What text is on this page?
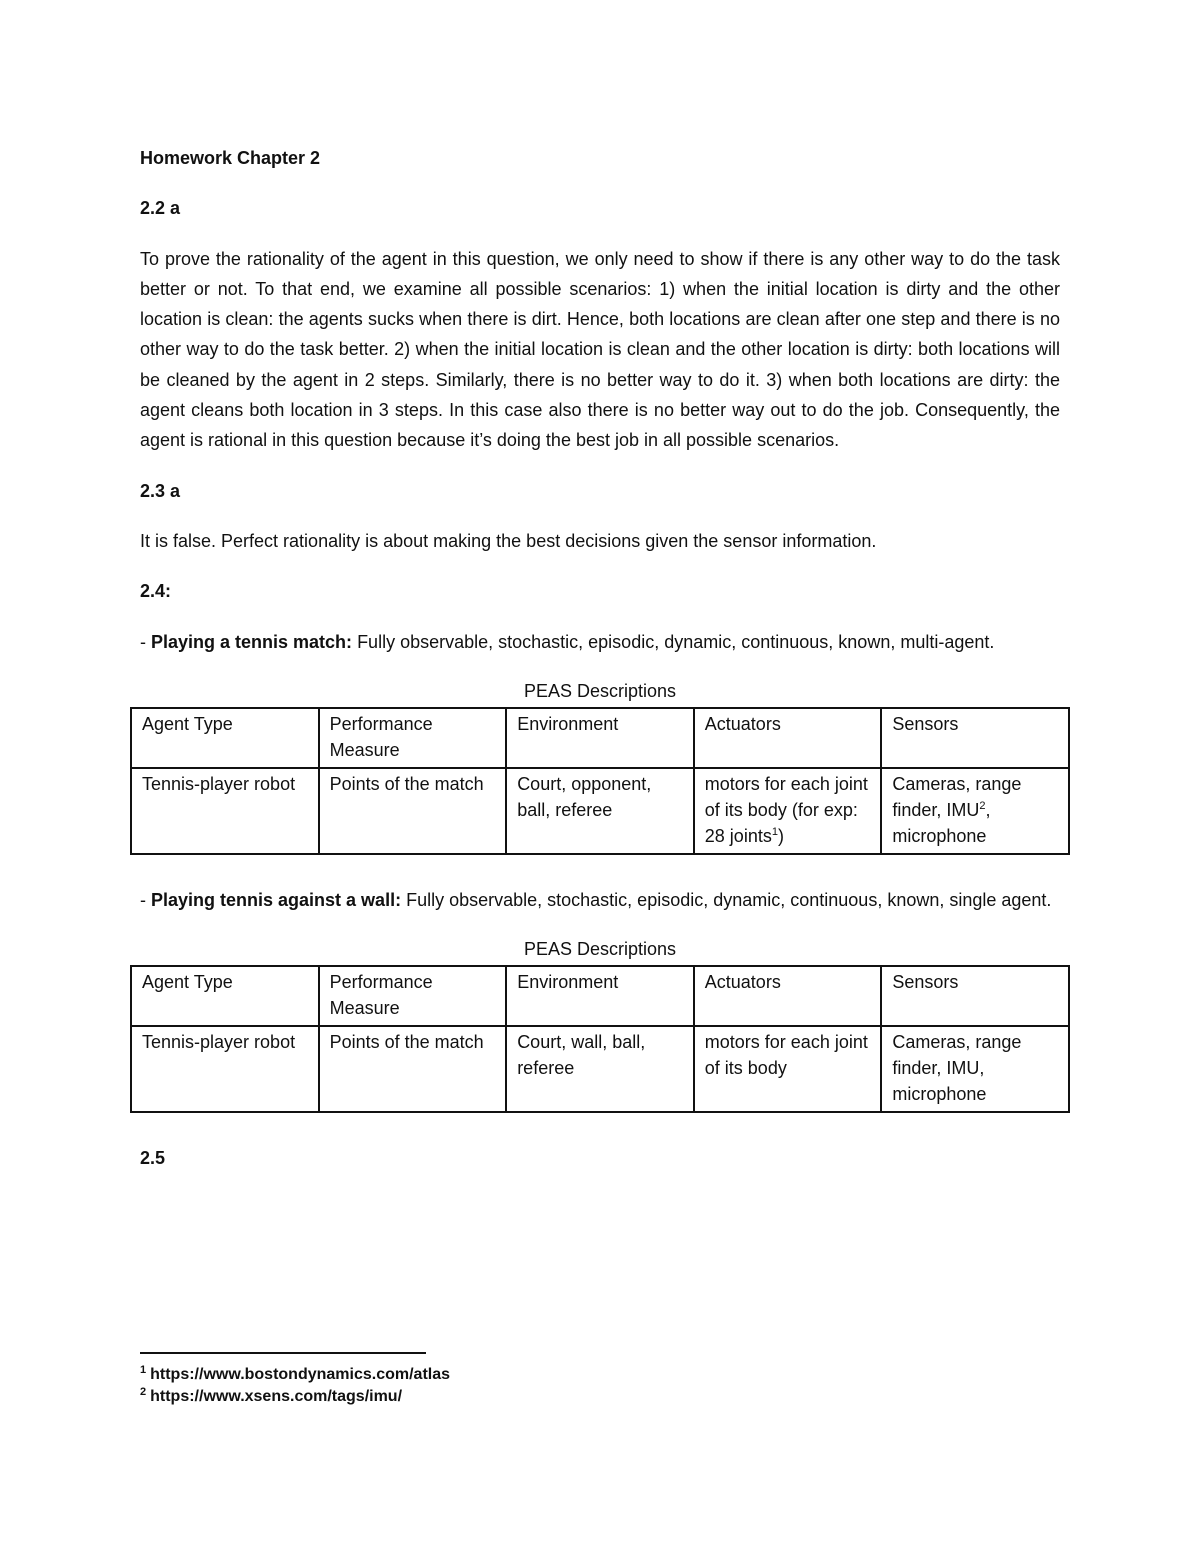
Homework Chapter 2
2.2 a

To prove the rationality of the agent in this question, we only need to show if there is any other way to do the task better or not. To that end, we examine all possible scenarios: 1) when the initial location is dirty and the other location is clean: the agents sucks when there is dirt. Hence, both locations are clean after one step and there is no other way to do the task better. 2) when the initial location is clean and the other location is dirty: both locations will be cleaned by the agent in 2 steps. Similarly, there is no better way to do it. 3) when both locations are dirty: the agent cleans both location in 3 steps. In this case also there is no better way out to do the job. Consequently, the agent is rational in this question because it’s doing the best job in all possible scenarios.

2.3 a

It is false. Perfect rationality is about making the best decisions given the sensor information.

2.4:

- Playing a tennis match: Fully observable, stochastic, episodic, dynamic, continuous, known, multi-agent.

PEAS Descriptions
Agent Type	Performance Measure	Environment	Actuators	Sensors
Tennis-player robot	Points of the match	Court, opponent, ball, referee	motors for each joint of its body (for exp: 28 joints$^1$)	Cameras, range finder, IMU$^2$, microphone

- Playing tennis against a wall: Fully observable, stochastic, episodic, dynamic, continuous, known, single agent.

PEAS Descriptions
Agent Type	Performance Measure	Environment	Actuators	Sensors
Tennis-player robot	Points of the match	Court, wall, ball, referee	motors for each joint of its body	Cameras, range finder, IMU, microphone
2.5
$^1$ https://www.bostondynamics.com/atlas
$^2$ https://www.xsens.com/tags/imu/
